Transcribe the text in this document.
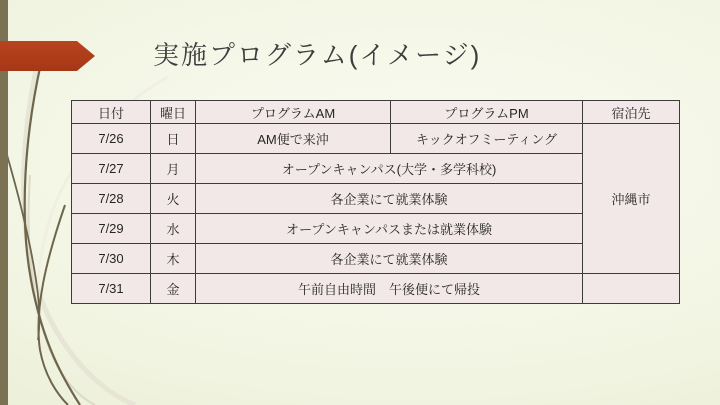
実施プログラム(イメージ)
日付	曜日	プログラムAM	プログラムPM	宿泊先
7/26	日	AM便で来沖	キックオフミーティング	沖縄市
7/27	月	オープンキャンパス(大学・多学科校)		
7/28	火	各企業にて就業体験		
7/29	水	オープンキャンパスまたは就業体験		
7/30	木	各企業にて就業体験		
7/31	金	午前自由時間　午後便にて帰投		
